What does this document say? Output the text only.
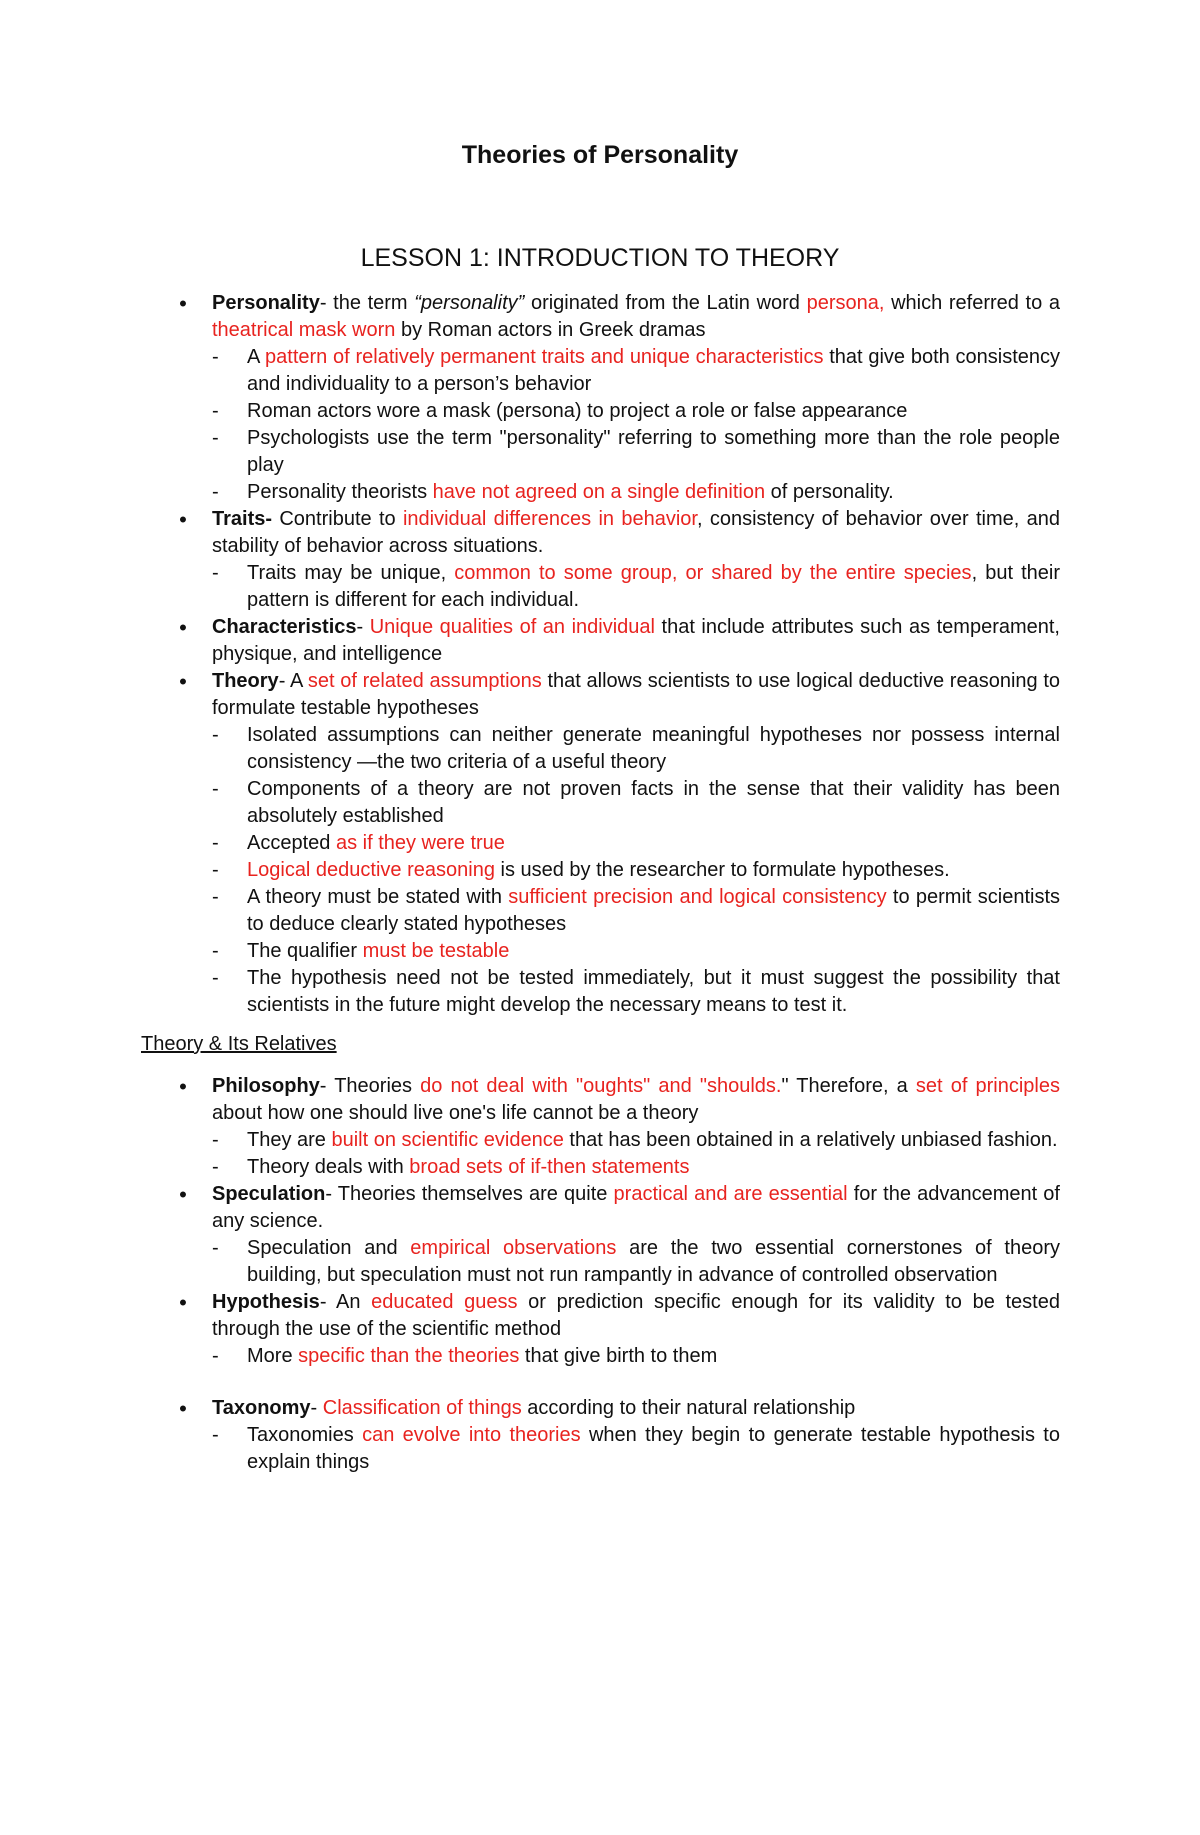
Theories of Personality
LESSON 1: INTRODUCTION TO THEORY
• Personality- the term “personality” originated from the Latin word persona, which referred to a theatrical mask worn by Roman actors in Greek dramas
- A pattern of relatively permanent traits and unique characteristics that give both consistency and individuality to a person’s behavior
- Roman actors wore a mask (persona) to project a role or false appearance
- Psychologists use the term "personality" referring to something more than the role people play
- Personality theorists have not agreed on a single definition of personality.
• Traits- Contribute to individual differences in behavior, consistency of behavior over time, and stability of behavior across situations.
- Traits may be unique, common to some group, or shared by the entire species, but their pattern is different for each individual.
• Characteristics- Unique qualities of an individual that include attributes such as temperament, physique, and intelligence
• Theory- A set of related assumptions that allows scientists to use logical deductive reasoning to formulate testable hypotheses
- Isolated assumptions can neither generate meaningful hypotheses nor possess internal consistency —the two criteria of a useful theory
- Components of a theory are not proven facts in the sense that their validity has been absolutely established
- Accepted as if they were true
- Logical deductive reasoning is used by the researcher to formulate hypotheses.
- A theory must be stated with sufficient precision and logical consistency to permit scientists to deduce clearly stated hypotheses
- The qualifier must be testable
- The hypothesis need not be tested immediately, but it must suggest the possibility that scientists in the future might develop the necessary means to test it.
Theory & Its Relatives
• Philosophy- Theories do not deal with "oughts" and "shoulds." Therefore, a set of principles about how one should live one's life cannot be a theory
- They are built on scientific evidence that has been obtained in a relatively unbiased fashion.
- Theory deals with broad sets of if-then statements
• Speculation- Theories themselves are quite practical and are essential for the advancement of any science.
- Speculation and empirical observations are the two essential cornerstones of theory building, but speculation must not run rampantly in advance of controlled observation
• Hypothesis- An educated guess or prediction specific enough for its validity to be tested through the use of the scientific method
- More specific than the theories that give birth to them
• Taxonomy- Classification of things according to their natural relationship
- Taxonomies can evolve into theories when they begin to generate testable hypothesis to explain things
